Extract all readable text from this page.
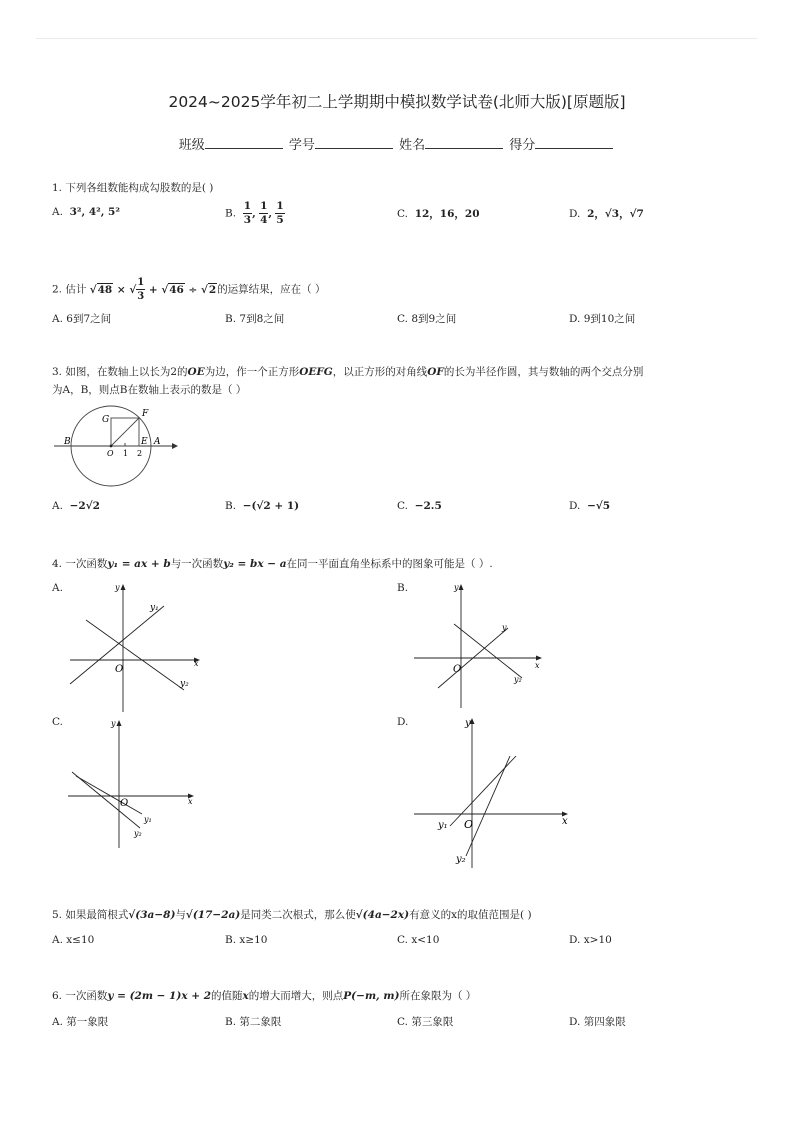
2024~2025学年初二上学期期中模拟数学试卷(北师大版)[原题版]
班级	学号	姓名	得分
1. 下列各组数能构成勾股数的是( )
A. 3², 4², 5²	B. $\frac{1}{3}$ , $\frac{1}{4}$ , $\frac{1}{5}$	C. 12，16，20	D. 2，√3，√7
2. 估计 √48 × √ $\frac{1}{3} + √46 \div √2$的运算结果，应在（ ）
A. 6到7之间	B. 7到8之间	C. 8到9之间	D. 9到10之间
3. 如图，在数轴上以长为2的OE为边，作一个正方形OEFG，以正方形的对角线OF的长为半径作圆，其与数轴的两个交点分别
为A，B，则点B在数轴上表示的数是（ ）
B
G
F
E A
O 1 2
A. −2√2	B. −(√2 + 1)	C. −2.5	D. −√5
4. 一次函数y₁ = ax + b与一次函数y₂ = bx − a在同一平面直角坐标系中的图象可能是（ ）.
A.	B.
C.	D.
O
x
y
y₁
y₂
O	x
y
y
y₂
O	x
y
y₁
y₂
O	x
y
y₁
y₂
5. 如果最简根式√(3a−8)与√(17−2a)是同类二次根式，那么使√(4a−2x)有意义的x的取值范围是( )
A. x≤10	B. x≥10	C. x<10	D. x>10
6. 一次函数y = (2m − 1)x + 2的值随x的增大而增大，则点P(−m, m)所在象限为（ ）
A. 第一象限	B. 第二象限	C. 第三象限	D. 第四象限
